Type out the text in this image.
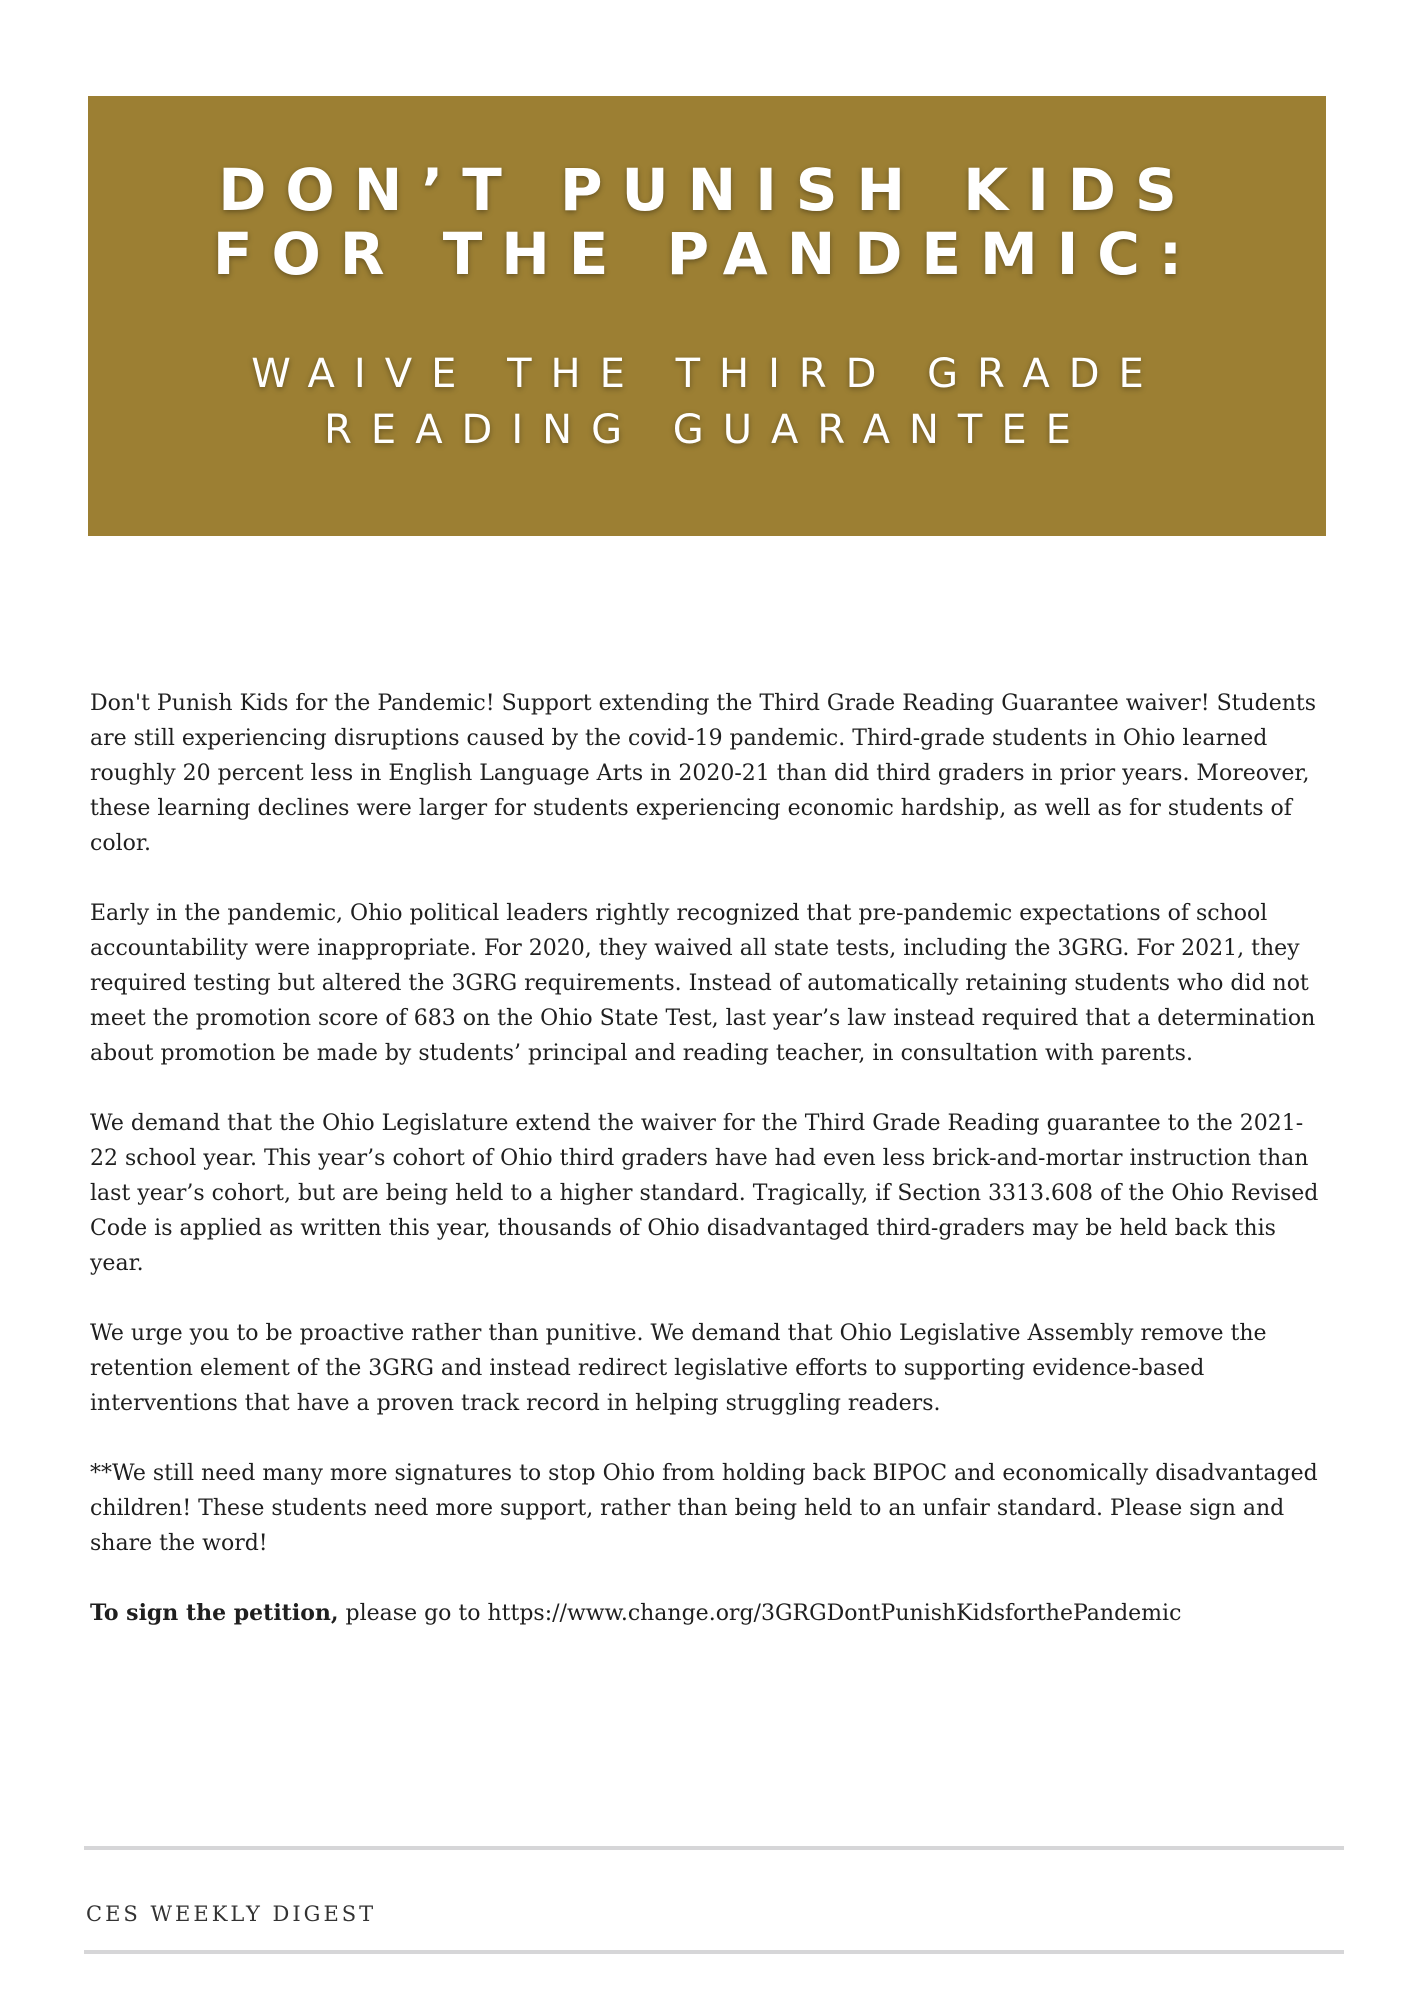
DON’T PUNISH KIDS
FOR THE PANDEMIC:
WAIVE THE THIRD GRADE
READING GUARANTEE

Don't Punish Kids for the Pandemic! Support extending the Third Grade Reading Guarantee waiver! Students are still experiencing disruptions caused by the covid-19 pandemic. Third-grade students in Ohio learned roughly 20 percent less in English Language Arts in 2020-21 than did third graders in prior years. Moreover, these learning declines were larger for students experiencing economic hardship, as well as for students of color.

Early in the pandemic, Ohio political leaders rightly recognized that pre-pandemic expectations of school accountability were inappropriate. For 2020, they waived all state tests, including the 3GRG. For 2021, they required testing but altered the 3GRG requirements. Instead of automatically retaining students who did not meet the promotion score of 683 on the Ohio State Test, last year’s law instead required that a determination about promotion be made by students’ principal and reading teacher, in consultation with parents.

We demand that the Ohio Legislature extend the waiver for the Third Grade Reading guarantee to the 2021-22 school year. This year’s cohort of Ohio third graders have had even less brick-and-mortar instruction than last year’s cohort, but are being held to a higher standard. Tragically, if Section 3313.608 of the Ohio Revised Code is applied as written this year, thousands of Ohio disadvantaged third-graders may be held back this year.

We urge you to be proactive rather than punitive. We demand that Ohio Legislative Assembly remove the retention element of the 3GRG and instead redirect legislative efforts to supporting evidence-based interventions that have a proven track record in helping struggling readers.

**We still need many more signatures to stop Ohio from holding back BIPOC and economically disadvantaged children! These students need more support, rather than being held to an unfair standard. Please sign and share the word!

To sign the petition, please go to https://www.change.org/3GRGDontPunishKidsforthePandemic

CES WEEKLY DIGEST
